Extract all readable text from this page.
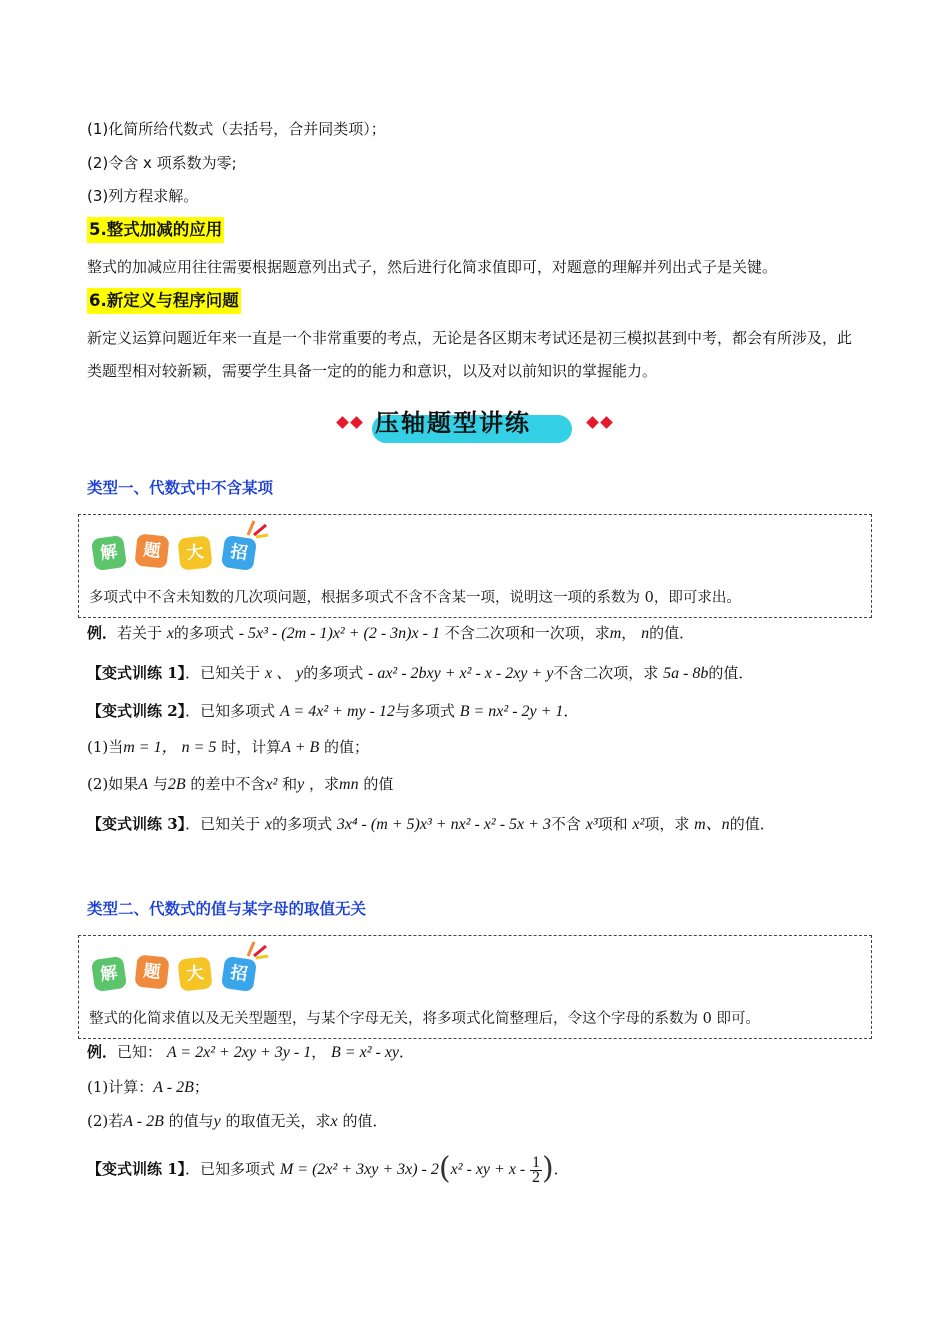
(1)化简所给代数式（去括号，合并同类项）；
(2)令含 x 项系数为零;
(3)列方程求解。
5.整式加减的应用
整式的加减应用往往需要根据题意列出式子，然后进行化简求值即可，对题意的理解并列出式子是关键。
6.新定义与程序问题
新定义运算问题近年来一直是一个非常重要的考点，无论是各区期末考试还是初三模拟甚到中考，都会有所涉及，此类题型相对较新颖，需要学生具备一定的的能力和意识，以及对以前知识的掌握能力。
压轴题型讲练
类型一、代数式中不含某项
解	题	大	招
多项式中不含未知数的几次项问题，根据多项式不含不含某一项，说明这一项的系数为 0，即可求出。
例．若关于 x的多项式 - 5x³ - (2m - 1)x² + (2 - 3n)x - 1 不含二次项和一次项，求m， n的值．
【变式训练 1】．已知关于 x 、 y的多项式 - ax² - 2bxy + x² - x - 2xy + y不含二次项，求 5a - 8b的值．
【变式训练 2】．已知多项式 A = 4x² + my - 12与多项式 B = nx² - 2y + 1．
(1)当m = 1， n = 5 时，计算A + B 的值；
(2)如果A 与2B 的差中不含x² 和y ，求mn 的值
【变式训练 3】．已知关于 x的多项式 3x⁴ - (m + 5)x³ + nx² - x² - 5x + 3不含 x³项和 x²项，求 m、n的值．
类型二、代数式的值与某字母的取值无关
解	题	大	招
整式的化简求值以及无关型题型，与某个字母无关，将多项式化简整理后，令这个字母的系数为 0 即可。
例．已知： A = 2x² + 2xy + 3y - 1， B = x² - xy．
(1)计算：A - 2B；
(2)若A - 2B 的值与y 的取值无关，求x 的值．
【变式训练 1】．已知多项式 M = (2x² + 3xy + 3x) - 2(x² - xy + x - $\frac{1}{2}$ )．
